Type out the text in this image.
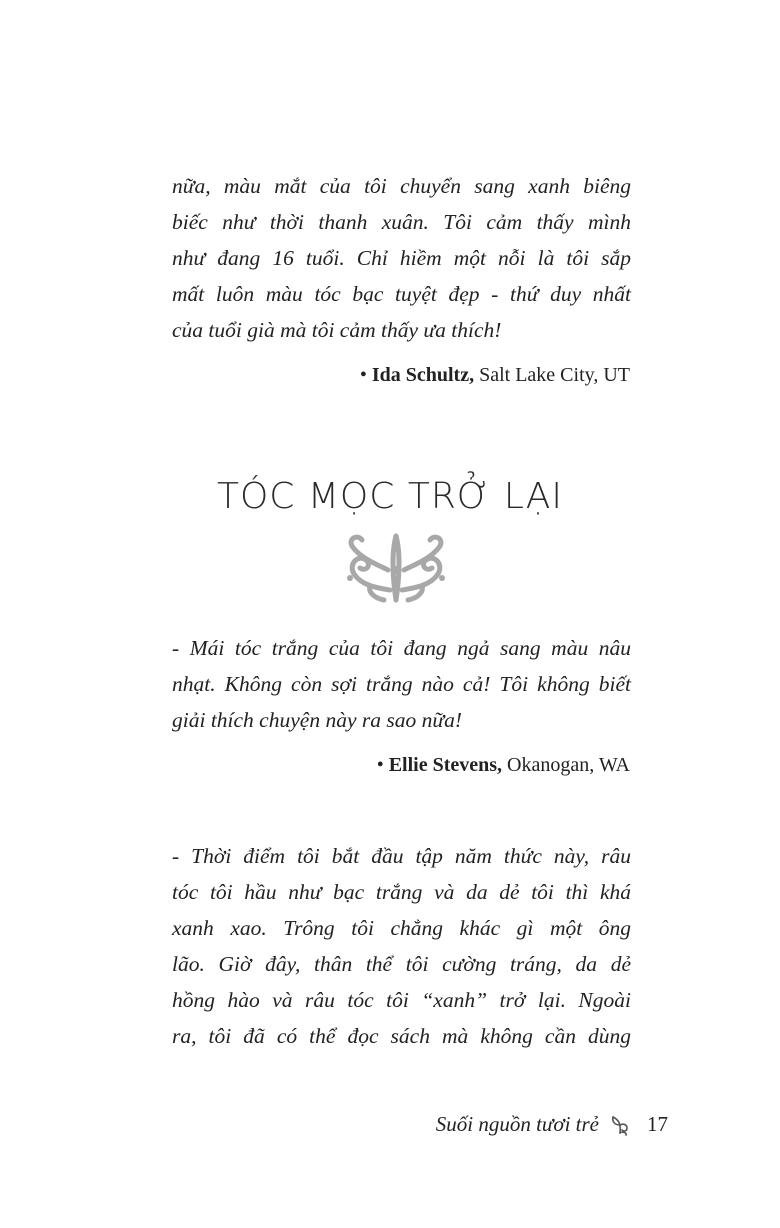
nữa, màu mắt của tôi chuyển sang xanh biêng
biếc như thời thanh xuân. Tôi cảm thấy mình
như đang 16 tuổi. Chỉ hiềm một nỗi là tôi sắp
mất luôn màu tóc bạc tuyệt đẹp - thứ duy nhất
của tuổi già mà tôi cảm thấy ưa thích!

• Ida Schultz, Salt Lake City, UT
TÓC MỌC TRỞ LẠI

- Mái tóc trắng của tôi đang ngả sang màu nâu
nhạt. Không còn sợi trắng nào cả! Tôi không biết
giải thích chuyện này ra sao nữa!

• Ellie Stevens, Okanogan, WA

- Thời điểm tôi bắt đầu tập năm thức này, râu
tóc tôi hầu như bạc trắng và da dẻ tôi thì khá
xanh xao. Trông tôi chẳng khác gì một ông
lão. Giờ đây, thân thể tôi cường tráng, da dẻ
hồng hào và râu tóc tôi “xanh” trở lại. Ngoài
ra, tôi đã có thể đọc sách mà không cần dùng

Suối nguồn tươi trẻ 17
